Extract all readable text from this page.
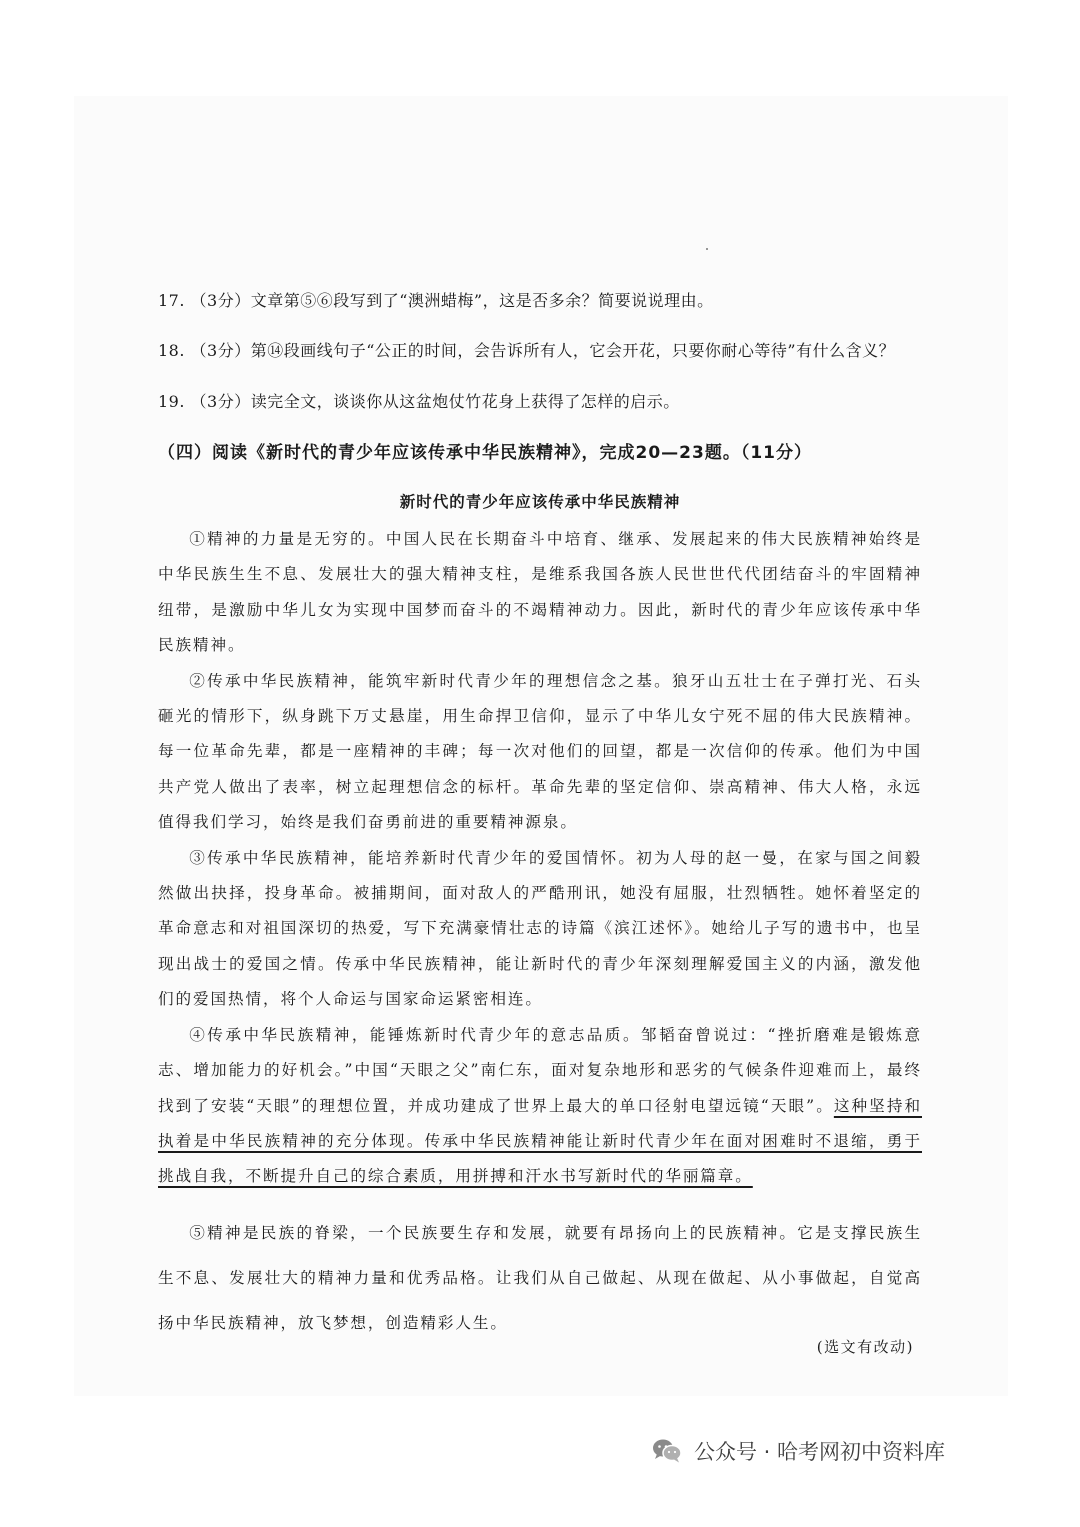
17. （3分）文章第⑤⑥段写到了“澳洲蜡梅”，这是否多余？简要说说理由。
18. （3分）第⑭段画线句子“公正的时间，会告诉所有人，它会开花，只要你耐心等待”有什么含义？
19. （3分）读完全文，谈谈你从这盆炮仗竹花身上获得了怎样的启示。
（四）阅读《新时代的青少年应该传承中华民族精神》，完成20—23题。（11分）
新时代的青少年应该传承中华民族精神

①精神的力量是无穷的。中国人民在长期奋斗中培育、继承、发展起来的伟大民族精神始终是中华民族生生不息、发展壮大的强大精神支柱，是维系我国各族人民世世代代团结奋斗的牢固精神纽带，是激励中华儿女为实现中国梦而奋斗的不竭精神动力。因此，新时代的青少年应该传承中华民族精神。

②传承中华民族精神，能筑牢新时代青少年的理想信念之基。狼牙山五壮士在子弹打光、石头砸光的情形下，纵身跳下万丈悬崖，用生命捍卫信仰，显示了中华儿女宁死不屈的伟大民族精神。每一位革命先辈，都是一座精神的丰碑；每一次对他们的回望，都是一次信仰的传承。他们为中国共产党人做出了表率，树立起理想信念的标杆。革命先辈的坚定信仰、崇高精神、伟大人格，永远值得我们学习，始终是我们奋勇前进的重要精神源泉。

③传承中华民族精神，能培养新时代青少年的爱国情怀。初为人母的赵一曼，在家与国之间毅然做出抉择，投身革命。被捕期间，面对敌人的严酷刑讯，她没有屈服，壮烈牺牲。她怀着坚定的革命意志和对祖国深切的热爱，写下充满豪情壮志的诗篇《滨江述怀》。她给儿子写的遗书中，也呈现出战士的爱国之情。传承中华民族精神，能让新时代的青少年深刻理解爱国主义的内涵，激发他们的爱国热情，将个人命运与国家命运紧密相连。

④传承中华民族精神，能锤炼新时代青少年的意志品质。邹韬奋曾说过：“挫折磨难是锻炼意志、增加能力的好机会。”中国“天眼之父”南仁东，面对复杂地形和恶劣的气候条件迎难而上，最终找到了安装“天眼”的理想位置，并成功建成了世界上最大的单口径射电望远镜“天眼”。这种坚持和执着是中华民族精神的充分体现。传承中华民族精神能让新时代青少年在面对困难时不退缩，勇于挑战自我，不断提升自己的综合素质，用拼搏和汗水书写新时代的华丽篇章。

⑤精神是民族的脊梁，一个民族要生存和发展，就要有昂扬向上的民族精神。它是支撑民族生生不息、发展壮大的精神力量和优秀品格。让我们从自己做起、从现在做起、从小事做起，自觉高扬中华民族精神，放飞梦想，创造精彩人生。

(选文有改动)
公众号 · 哈考网初中资料库
